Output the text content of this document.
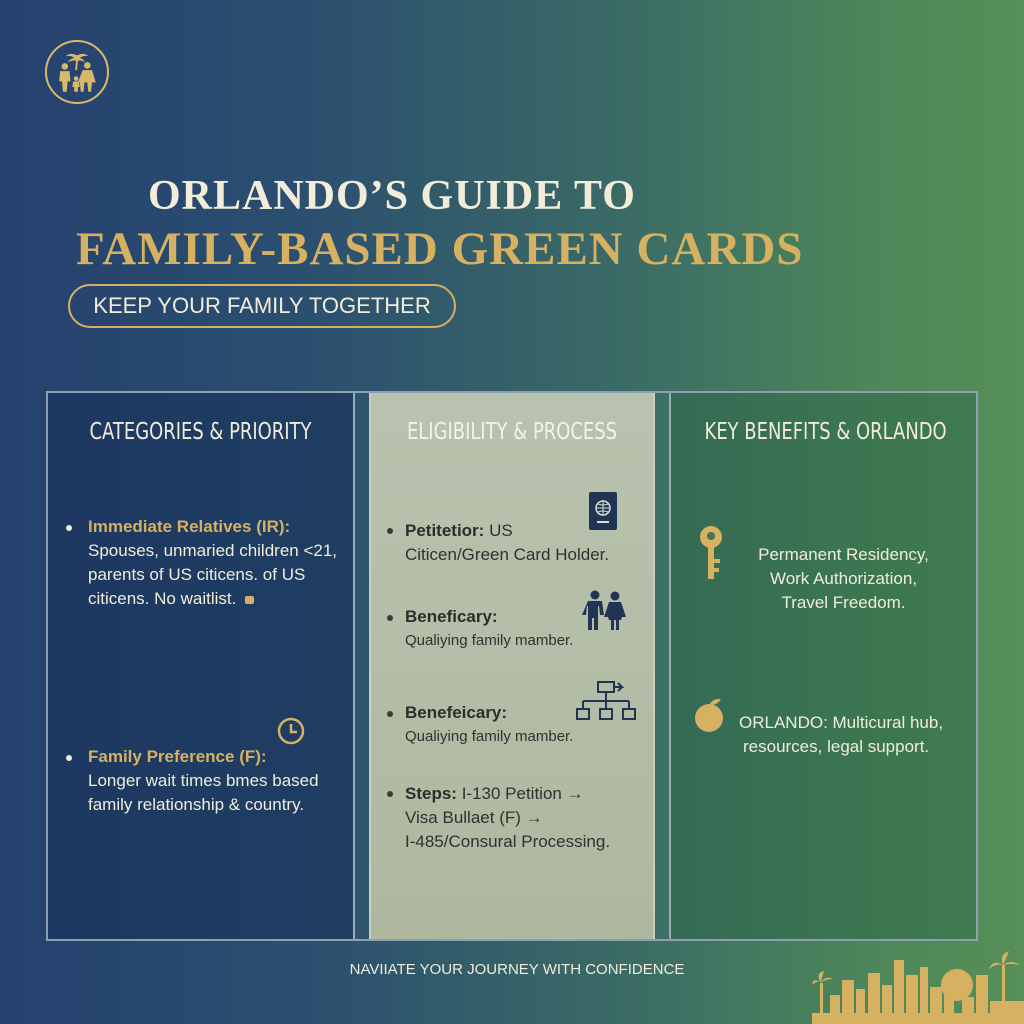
ORLANDO’S GUIDE TO
FAMILY-BASED GREEN CARDS
KEEP YOUR FAMILY TOGETHER
CATEGORIES & PRIORITY
Immediate Relatives (IR):
Spouses, unmaried children <21,
parents of US citicens. of US
citicens. No waitlist.
Family Preference (F):
Longer wait times bmes based
family relationship & country.
ELIGIBILITY & PROCESS
Petitetior: US
Citicen/Green Card Holder.
Beneficary:
Qualiying family mamber.
Benefeicary:
Qualiying family mamber.
Steps: I-130 Petition →
Visa Bullaet (F) →
I-485/Consural Processing.
KEY BENEFITS & ORLANDO
Permanent Residency,
Work Authorization,
Travel Freedom.
ORLANDO: Multicural hub,
resources, legal support.
NAVIIATE YOUR JOURNEY WITH CONFIDENCE
